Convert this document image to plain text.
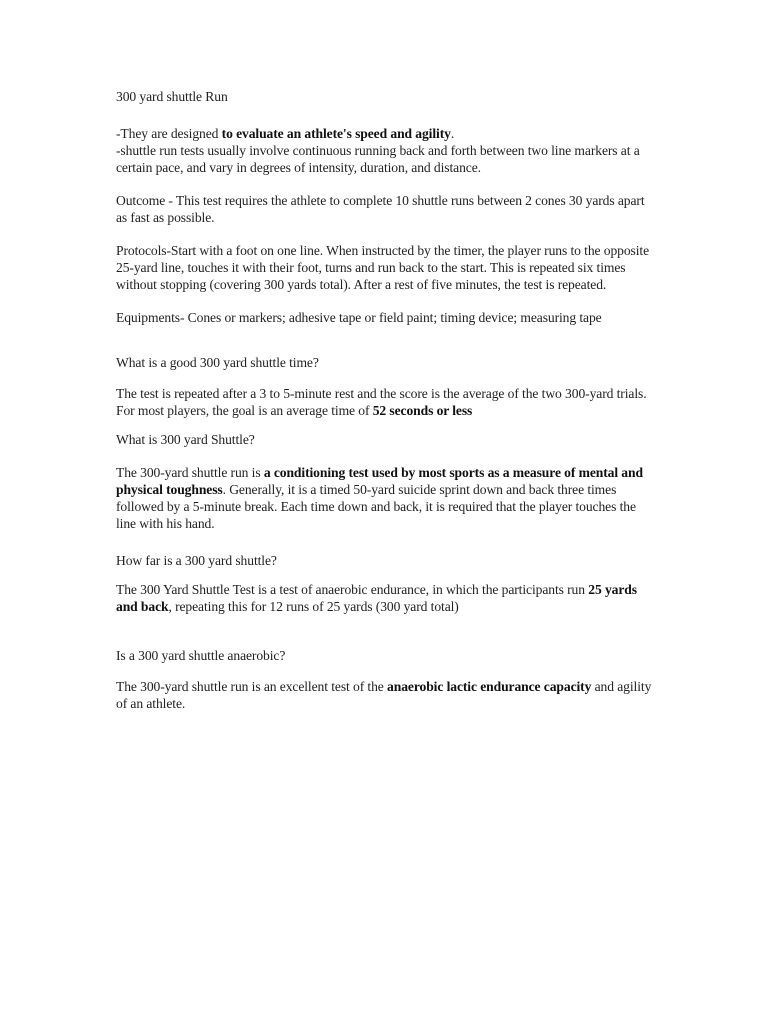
300 yard shuttle Run

-They are designed to evaluate an athlete's speed and agility.
-shuttle run tests usually involve continuous running back and forth between two line markers at a certain pace, and vary in degrees of intensity, duration, and distance.

Outcome - This test requires the athlete to complete 10 shuttle runs between 2 cones 30 yards apart as fast as possible.

Protocols-Start with a foot on one line. When instructed by the timer, the player runs to the opposite 25-yard line, touches it with their foot, turns and run back to the start. This is repeated six times without stopping (covering 300 yards total). After a rest of five minutes, the test is repeated.

Equipments- Cones or markers; adhesive tape or field paint; timing device; measuring tape

What is a good 300 yard shuttle time?

The test is repeated after a 3 to 5-minute rest and the score is the average of the two 300-yard trials. For most players, the goal is an average time of 52 seconds or less

What is 300 yard Shuttle?

The 300-yard shuttle run is a conditioning test used by most sports as a measure of mental and physical toughness. Generally, it is a timed 50-yard suicide sprint down and back three times followed by a 5-minute break. Each time down and back, it is required that the player touches the line with his hand.

How far is a 300 yard shuttle?

The 300 Yard Shuttle Test is a test of anaerobic endurance, in which the participants run 25 yards and back, repeating this for 12 runs of 25 yards (300 yard total)

Is a 300 yard shuttle anaerobic?

The 300-yard shuttle run is an excellent test of the anaerobic lactic endurance capacity and agility of an athlete.
